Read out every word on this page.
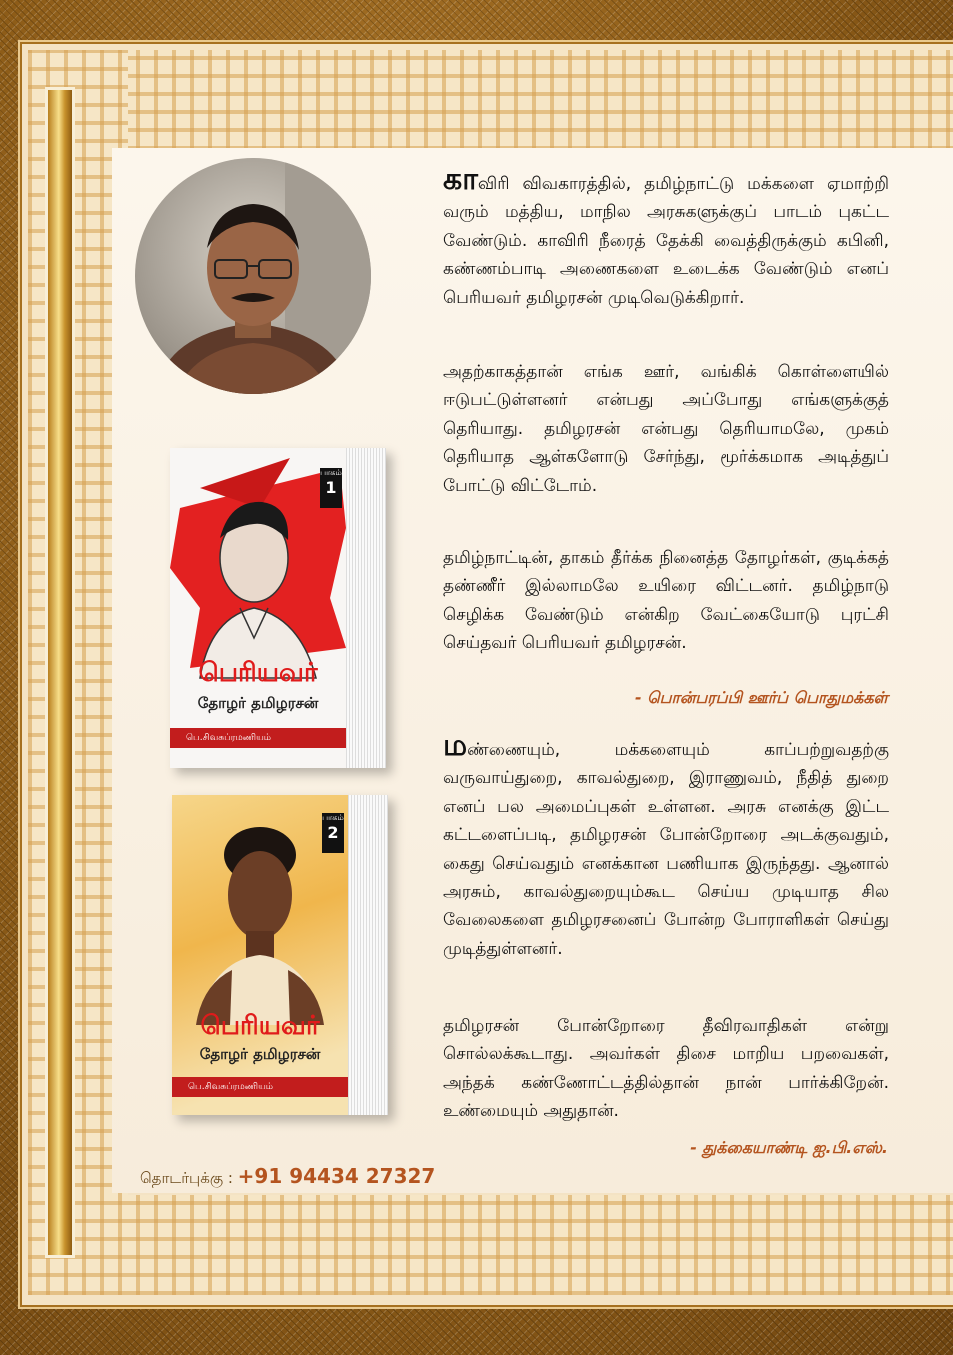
பாகம்
1
பெரியவர்
தோழர் தமிழரசன்
பெ.சிவசுப்ரமணியம்
பாகம்
2
பெரியவர்
தோழர் தமிழரசன்
பெ.சிவசுப்ரமணியம்

காவிரி விவகாரத்தில், தமிழ்நாட்டு மக்களை ஏமாற்றி வரும் மத்திய, மாநில அரசுகளுக்குப் பாடம் புகட்ட வேண்டும். காவிரி நீரைத் தேக்கி வைத்திருக்கும் கபினி, கண்ணம்பாடி அணைகளை உடைக்க வேண்டும் எனப் பெரியவர் தமிழரசன் முடிவெடுக்கிறார்.

அதற்காகத்தான் எங்க ஊர், வங்கிக் கொள்ளையில் ஈடுபட்டுள்ளனர் என்பது அப்போது எங்களுக்குத் தெரியாது. தமிழரசன் என்பது தெரியாமலே, முகம் தெரியாத ஆள்களோடு சேர்ந்து, மூர்க்கமாக அடித்துப் போட்டு விட்டோம்.

தமிழ்நாட்டின், தாகம் தீர்க்க நினைத்த தோழர்கள், குடிக்கத் தண்ணீர் இல்லாமலே உயிரை விட்டனர். தமிழ்நாடு செழிக்க வேண்டும் என்கிற வேட்கையோடு புரட்சி செய்தவர் பெரியவர் தமிழரசன்.

- பொன்பரப்பி ஊர்ப் பொதுமக்கள்

மண்ணையும், மக்களையும் காப்பற்றுவதற்கு வருவாய்துறை, காவல்துறை, இராணுவம், நீதித் துறை எனப் பல அமைப்புகள் உள்ளன. அரசு எனக்கு இட்ட கட்டளைப்படி, தமிழரசன் போன்றோரை அடக்குவதும், கைது செய்வதும் எனக்கான பணியாக இருந்தது. ஆனால் அரசும், காவல்துறையும்கூட செய்ய முடியாத சில வேலைகளை தமிழரசனைப் போன்ற போராளிகள் செய்து முடித்துள்ளனர்.

தமிழரசன் போன்றோரை தீவிரவாதிகள் என்று சொல்லக்கூடாது. அவர்கள் திசை மாறிய பறவைகள், அந்தக் கண்ணோட்டத்தில்தான் நான் பார்க்கிறேன். உண்மையும் அதுதான்.

- துக்கையாண்டி ஐ.பி.எஸ்.
தொடர்புக்கு : +91 94434 27327
